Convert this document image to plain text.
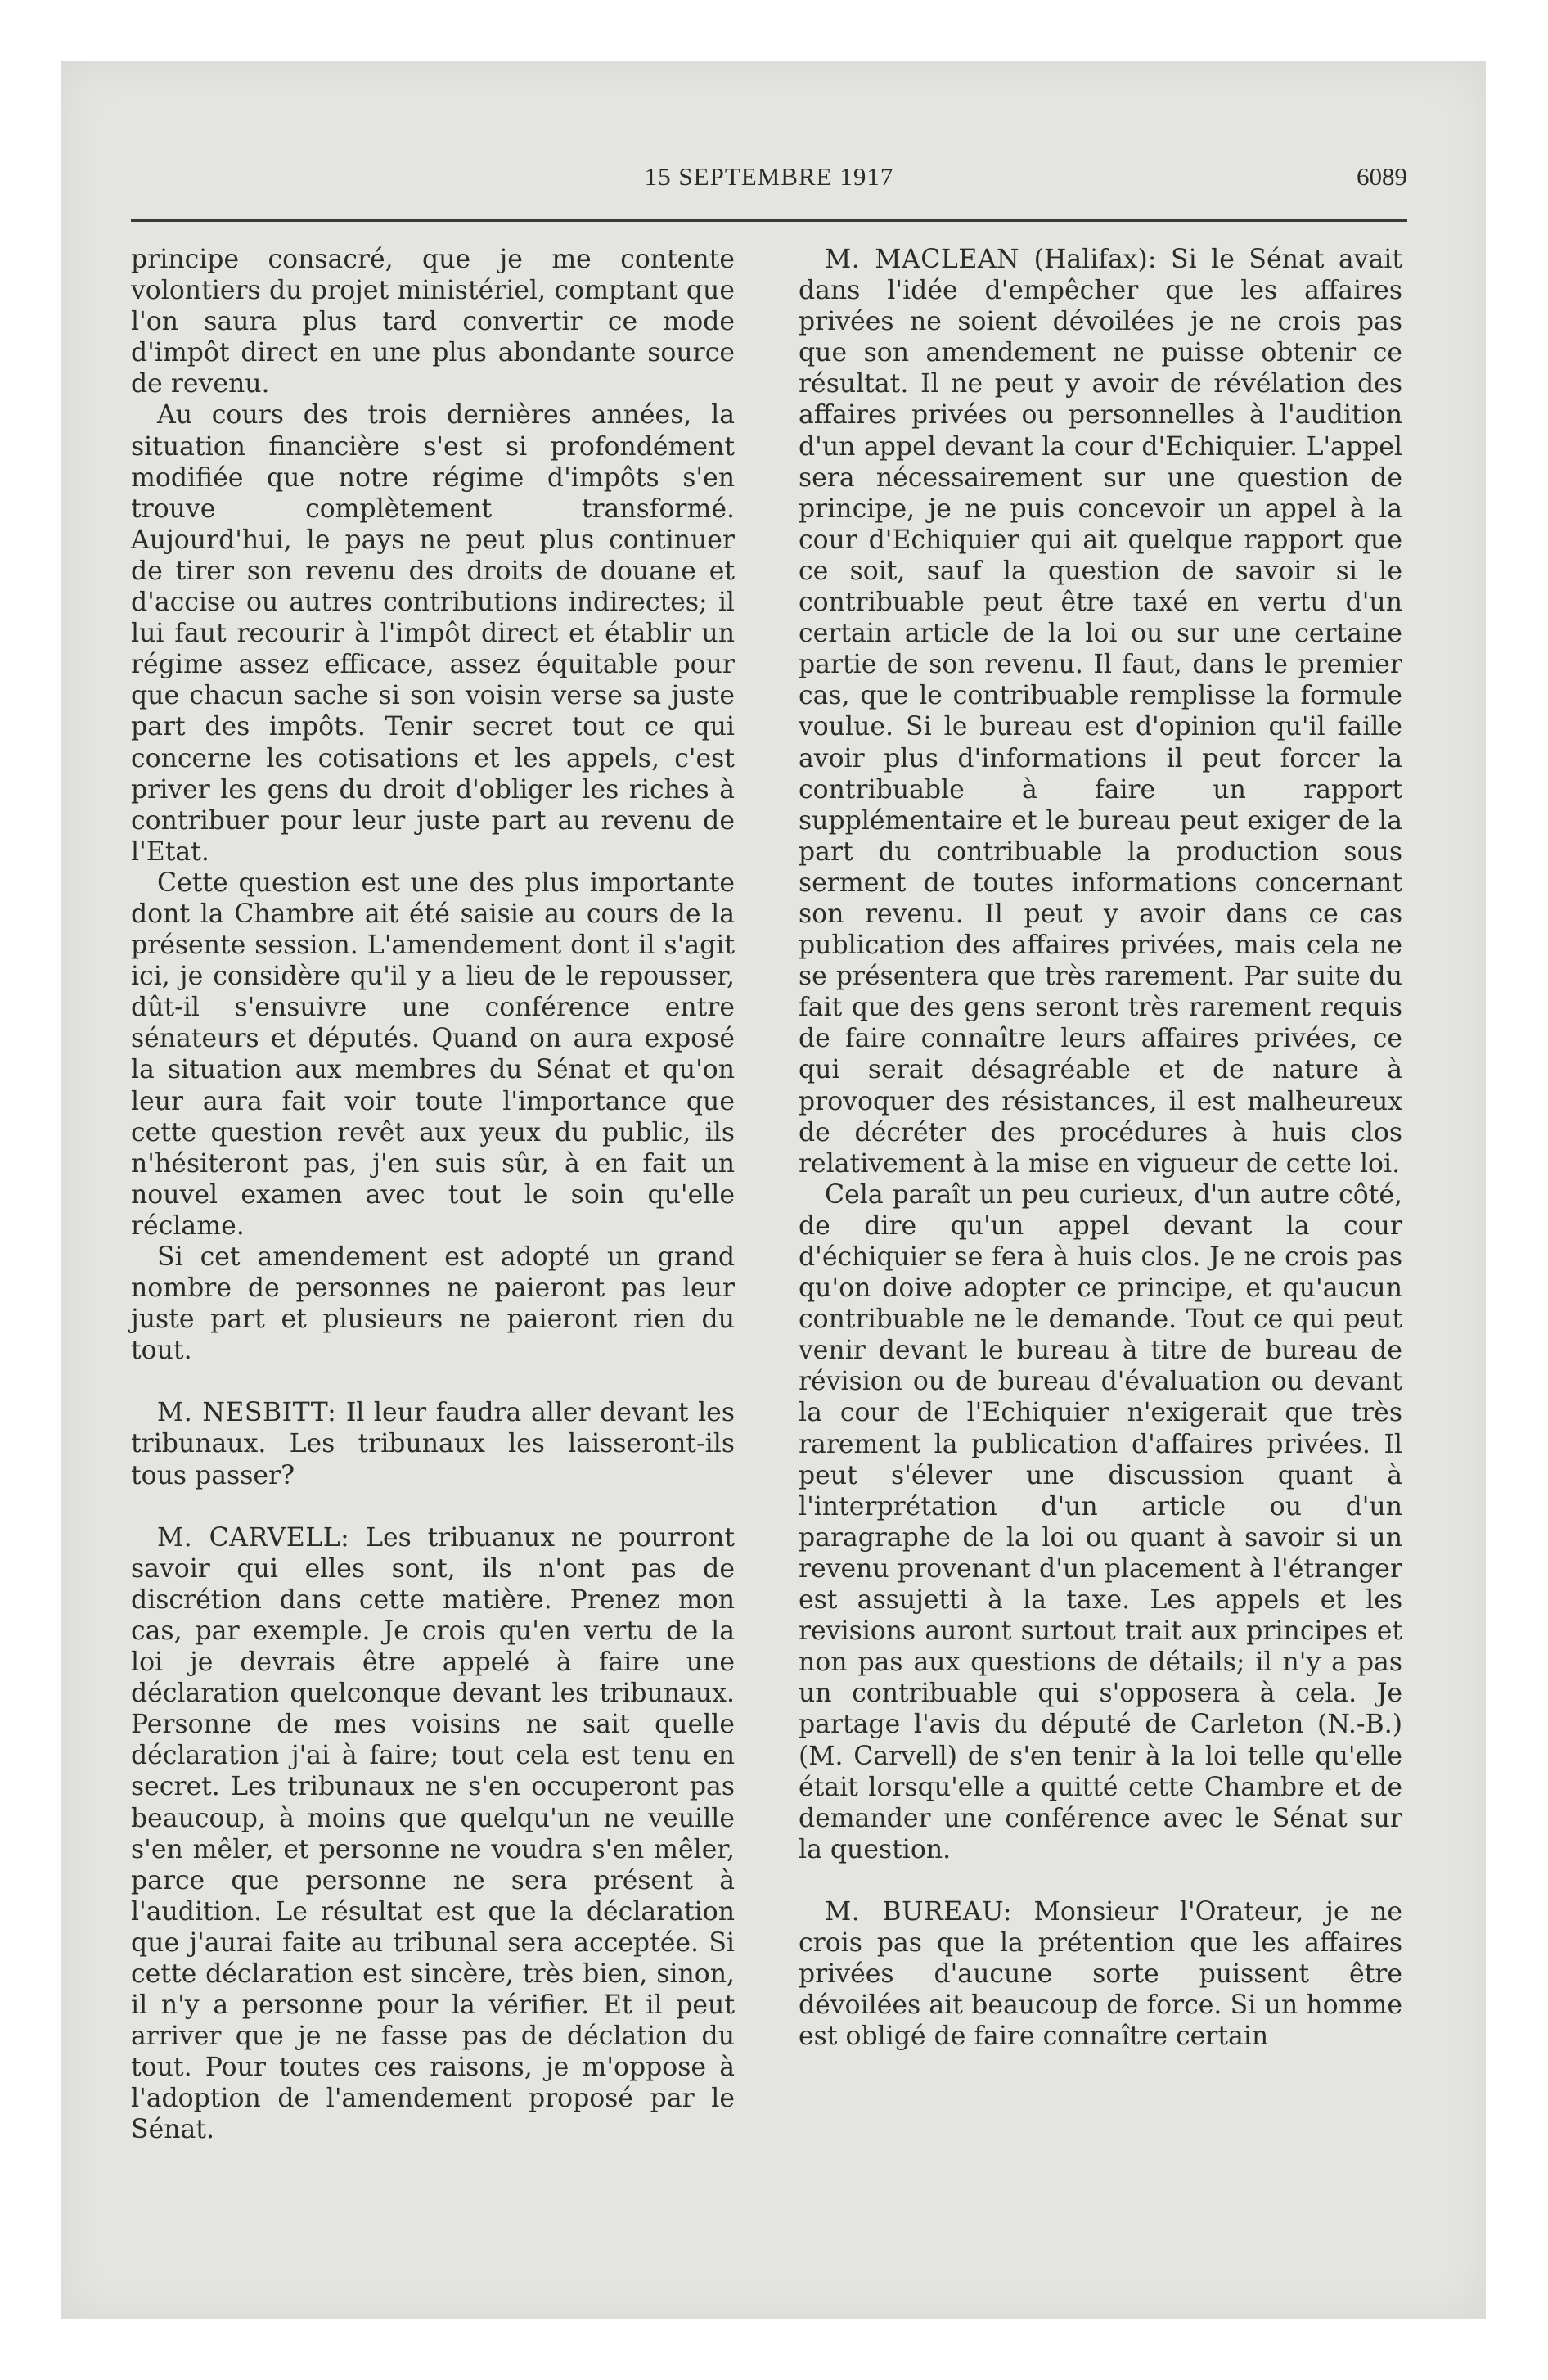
15 SEPTEMBRE 1917	6089

principe consacré, que je me contente volontiers du projet ministériel, comptant que l'on saura plus tard convertir ce mode d'impôt direct en une plus abondante source de revenu.

Au cours des trois dernières années, la situation financière s'est si profondément modifiée que notre régime d'impôts s'en trouve complètement transformé. Aujourd'hui, le pays ne peut plus continuer de tirer son revenu des droits de douane et d'accise ou autres contributions indirectes; il lui faut recourir à l'impôt direct et établir un régime assez efficace, assez équitable pour que chacun sache si son voisin verse sa juste part des impôts. Tenir secret tout ce qui concerne les cotisations et les appels, c'est priver les gens du droit d'obliger les riches à contribuer pour leur juste part au revenu de l'Etat.

Cette question est une des plus importante dont la Chambre ait été saisie au cours de la présente session. L'amendement dont il s'agit ici, je considère qu'il y a lieu de le repousser, dût-il s'ensuivre une conférence entre sénateurs et députés. Quand on aura exposé la situation aux membres du Sénat et qu'on leur aura fait voir toute l'importance que cette question revêt aux yeux du public, ils n'hésiteront pas, j'en suis sûr, à en fait un nouvel examen avec tout le soin qu'elle réclame.

Si cet amendement est adopté un grand nombre de personnes ne paieront pas leur juste part et plusieurs ne paieront rien du tout.

M. NESBITT: Il leur faudra aller devant les tribunaux. Les tribunaux les laisseront-ils tous passer?

M. CARVELL: Les tribuanux ne pourront savoir qui elles sont, ils n'ont pas de discrétion dans cette matière. Prenez mon cas, par exemple. Je crois qu'en vertu de la loi je devrais être appelé à faire une déclaration quelconque devant les tribunaux. Personne de mes voisins ne sait quelle déclaration j'ai à faire; tout cela est tenu en secret. Les tribunaux ne s'en occuperont pas beaucoup, à moins que quelqu'un ne veuille s'en mêler, et personne ne voudra s'en mêler, parce que personne ne sera présent à l'audition. Le résultat est que la déclaration que j'aurai faite au tribunal sera acceptée. Si cette déclaration est sincère, très bien, sinon, il n'y a personne pour la vérifier. Et il peut arriver que je ne fasse pas de déclation du tout. Pour toutes ces raisons, je m'oppose à l'adoption de l'amendement proposé par le Sénat.

M. MACLEAN (Halifax): Si le Sénat avait dans l'idée d'empêcher que les affaires privées ne soient dévoilées je ne crois pas que son amendement ne puisse obtenir ce résultat. Il ne peut y avoir de révélation des affaires privées ou personnelles à l'audition d'un appel devant la cour d'Echiquier. L'appel sera nécessairement sur une question de principe, je ne puis concevoir un appel à la cour d'Echiquier qui ait quelque rapport que ce soit, sauf la question de savoir si le contribuable peut être taxé en vertu d'un certain article de la loi ou sur une certaine partie de son revenu. Il faut, dans le premier cas, que le contribuable remplisse la formule voulue. Si le bureau est d'opinion qu'il faille avoir plus d'informations il peut forcer la contribuable à faire un rapport supplémentaire et le bureau peut exiger de la part du contribuable la production sous serment de toutes informations concernant son revenu. Il peut y avoir dans ce cas publication des affaires privées, mais cela ne se présentera que très rarement. Par suite du fait que des gens seront très rarement requis de faire connaître leurs affaires privées, ce qui serait désagréable et de nature à provoquer des résistances, il est malheureux de décréter des procédures à huis clos relativement à la mise en vigueur de cette loi.

Cela paraît un peu curieux, d'un autre côté, de dire qu'un appel devant la cour d'échiquier se fera à huis clos. Je ne crois pas qu'on doive adopter ce principe, et qu'aucun contribuable ne le demande. Tout ce qui peut venir devant le bureau à titre de bureau de révision ou de bureau d'évaluation ou devant la cour de l'Echiquier n'exigerait que très rarement la publication d'affaires privées. Il peut s'élever une discussion quant à l'interprétation d'un article ou d'un paragraphe de la loi ou quant à savoir si un revenu provenant d'un placement à l'étranger est assujetti à la taxe. Les appels et les revisions auront surtout trait aux principes et non pas aux questions de détails; il n'y a pas un contribuable qui s'opposera à cela. Je partage l'avis du député de Carleton (N.-B.) (M. Carvell) de s'en tenir à la loi telle qu'elle était lorsqu'elle a quitté cette Chambre et de demander une conférence avec le Sénat sur la question.

M. BUREAU: Monsieur l'Orateur, je ne crois pas que la prétention que les affaires privées d'aucune sorte puissent être dévoilées ait beaucoup de force. Si un homme est obligé de faire connaître certain
